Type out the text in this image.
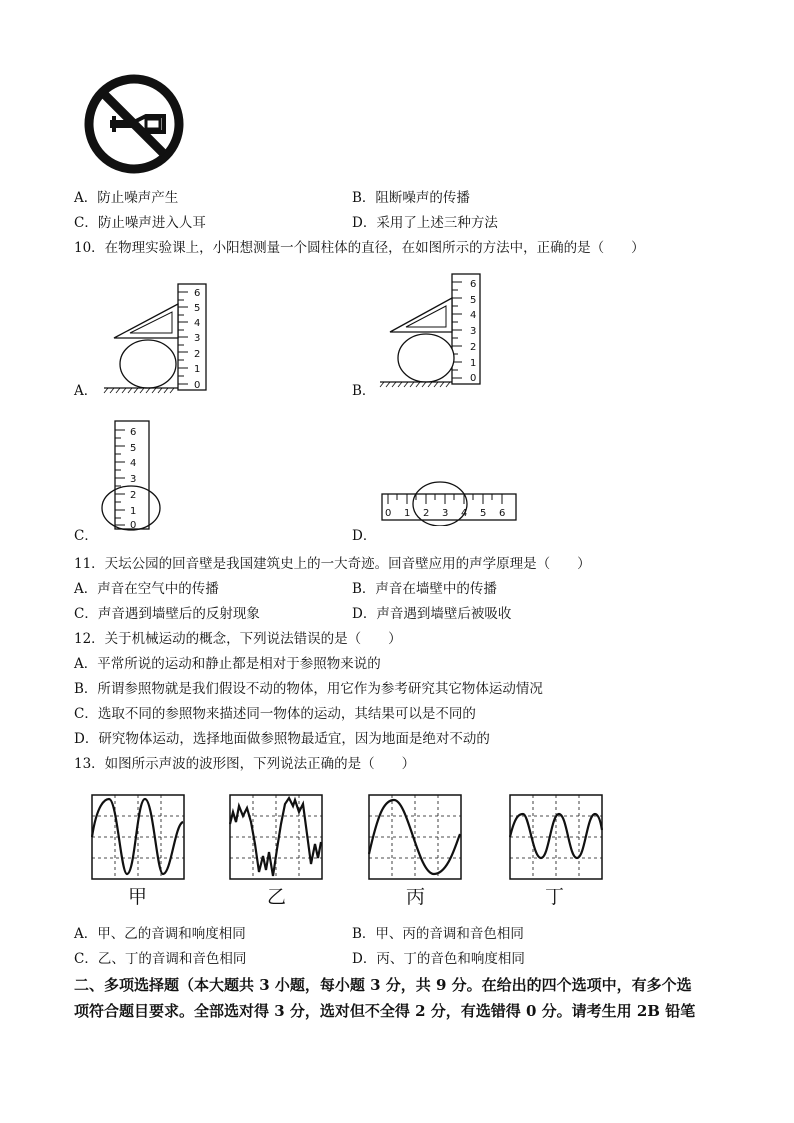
A．防止噪声产生	B．阻断噪声的传播
C．防止噪声进入人耳	D．采用了上述三种方法
10．在物理实验课上，小阳想测量一个圆柱体的直径，在如图所示的方法中，正确的是（　　）
6
5
4
3
2
1
0
A．
6
5
4
3
2
1
0
B．
6
5
4
3
2
1
0
C．
0 1 2 3 4 5 6
D．
11．天坛公园的回音壁是我国建筑史上的一大奇迹。回音壁应用的声学原理是（　　）
A．声音在空气中的传播	B．声音在墙壁中的传播
C．声音遇到墙壁后的反射现象	D．声音遇到墙壁后被吸收
12．关于机械运动的概念，下列说法错误的是（　　）
A．平常所说的运动和静止都是相对于参照物来说的
B．所谓参照物就是我们假设不动的物体，用它作为参考研究其它物体运动情况
C．选取不同的参照物来描述同一物体的运动，其结果可以是不同的
D．研究物体运动，选择地面做参照物最适宜，因为地面是绝对不动的
13．如图所示声波的波形图，下列说法正确的是（　　）
甲	乙	丙	丁
A．甲、乙的音调和响度相同	B．甲、丙的音调和音色相同
C．乙、丁的音调和音色相同	D．丙、丁的音色和响度相同
二、多项选择题（本大题共 3 小题，每小题 3 分，共 9 分。在给出的四个选项中，有多个选
项符合题目要求。全部选对得 3 分，选对但不全得 2 分，有选错得 0 分。请考生用 2B 铅笔
